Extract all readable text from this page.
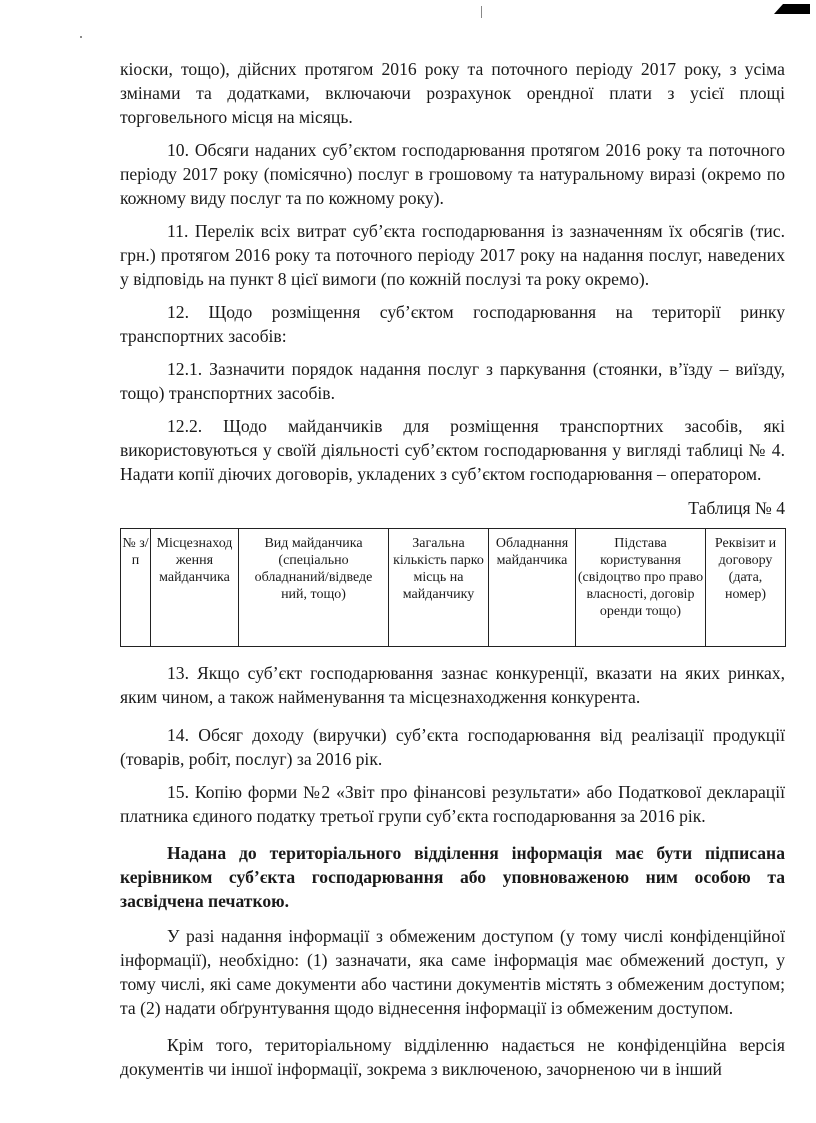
кіоски, тощо), дійсних протягом 2016 року та поточного періоду 2017 року, з усіма змінами та додатками, включаючи розрахунок орендної плати з усієї площі торговельного місця на місяць.

10. Обсяги наданих суб’єктом господарювання протягом 2016 року та поточного періоду 2017 року (помісячно) послуг в грошовому та натуральному виразі (окремо по кожному виду послуг та по кожному року).

11. Перелік всіх витрат суб’єкта господарювання із зазначенням їх обсягів (тис. грн.) протягом 2016 року та поточного періоду 2017 року на надання послуг, наведених у відповідь на пункт 8 цієї вимоги (по кожній послузі та року окремо).

12. Щодо розміщення суб’єктом господарювання на території ринку транспортних засобів:

12.1. Зазначити порядок надання послуг з паркування (стоянки, в’їзду – виїзду, тощо) транспортних засобів.

12.2. Щодо майданчиків для розміщення транспортних засобів, які використовуються у своїй діяльності суб’єктом господарювання у вигляді таблиці № 4. Надати копії діючих договорів, укладених з суб’єктом господарювання – оператором.

Таблиця № 4
№ з/п	Місцезнаход ження майданчика	Вид майданчика (спеціально обладнаний/відведе ний, тощо)	Загальна кількість парко місць на майданчику	Обладнання майданчика	Підстава користування (свідоцтво про право власності, договір оренди тощо)	Реквізит и договору (дата, номер)

13. Якщо суб’єкт господарювання зазнає конкуренції, вказати на яких ринках, яким чином, а також найменування та місцезнаходження конкурента.

14. Обсяг доходу (виручки) суб’єкта господарювання від реалізації продукції (товарів, робіт, послуг) за 2016 рік.

15. Копію форми №2 «Звіт про фінансові результати» або Податкової декларації платника єдиного податку третьої групи суб’єкта господарювання за 2016 рік.

Надана до територіального відділення інформація має бути підписана керівником суб’єкта господарювання або уповноваженою ним особою та засвідчена печаткою.

У разі надання інформації з обмеженим доступом (у тому числі конфіденційної інформації), необхідно: (1) зазначати, яка саме інформація має обмежений доступ, у тому числі, які саме документи або частини документів містять з обмеженим доступом; та (2) надати обґрунтування щодо віднесення інформації із обмеженим доступом.

Крім того, територіальному відділенню надається не конфіденційна версія документів чи іншої інформації, зокрема з виключеною, зачорненою чи в інший
